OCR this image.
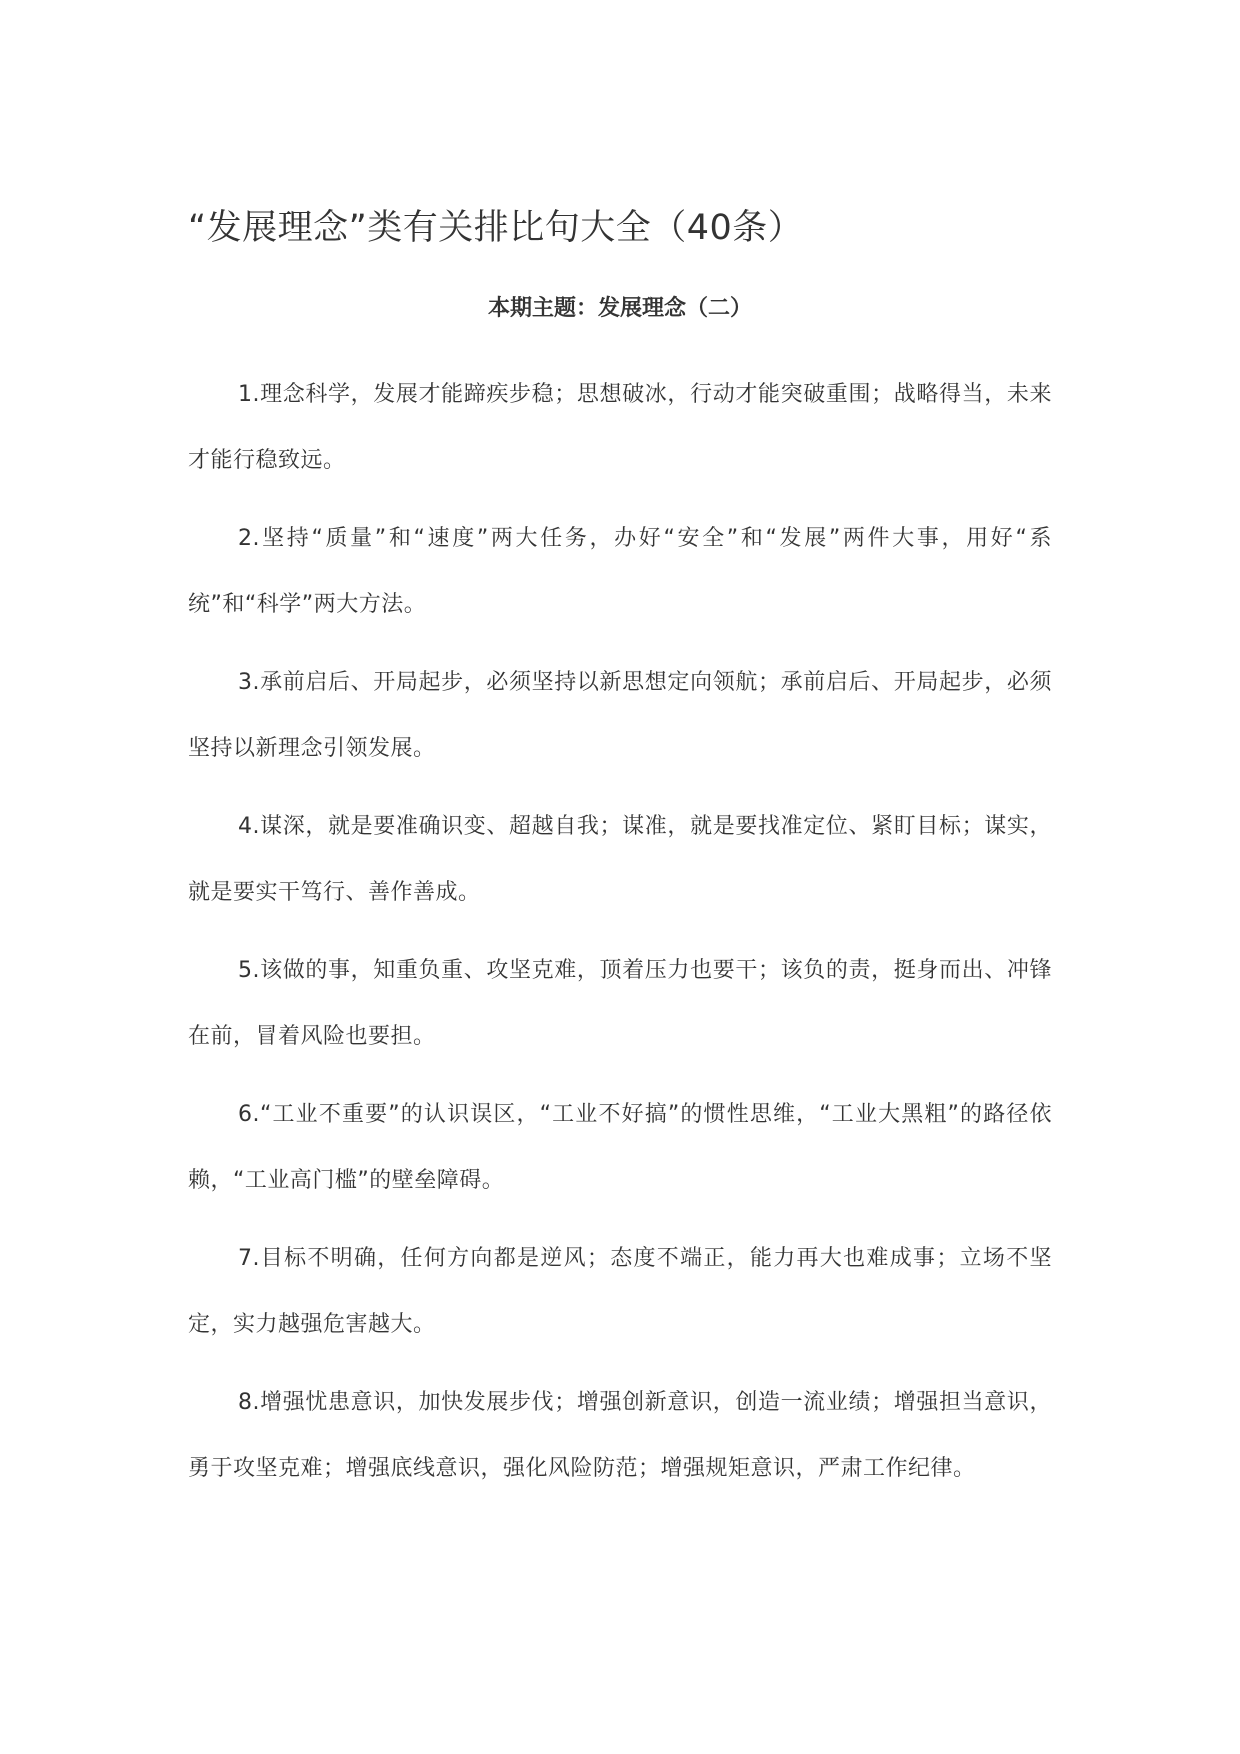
“发展理念”类有关排比句大全（40条）
本期主题：发展理念（二）

1.理念科学，发展才能蹄疾步稳；思想破冰，行动才能突破重围；战略得当，未来才能行稳致远。

2.坚持“质量”和“速度”两大任务，办好“安全”和“发展”两件大事，用好“系统”和“科学”两大方法。

3.承前启后、开局起步，必须坚持以新思想定向领航；承前启后、开局起步，必须坚持以新理念引领发展。

4.谋深，就是要准确识变、超越自我；谋准，就是要找准定位、紧盯目标；谋实，就是要实干笃行、善作善成。

5.该做的事，知重负重、攻坚克难，顶着压力也要干；该负的责，挺身而出、冲锋在前，冒着风险也要担。

6.“工业不重要”的认识误区，“工业不好搞”的惯性思维，“工业大黑粗”的路径依赖，“工业高门槛”的壁垒障碍。

7.目标不明确，任何方向都是逆风；态度不端正，能力再大也难成事；立场不坚定，实力越强危害越大。

8.增强忧患意识，加快发展步伐；增强创新意识，创造一流业绩；增强担当意识，勇于攻坚克难；增强底线意识，强化风险防范；增强规矩意识，严肃工作纪律。
